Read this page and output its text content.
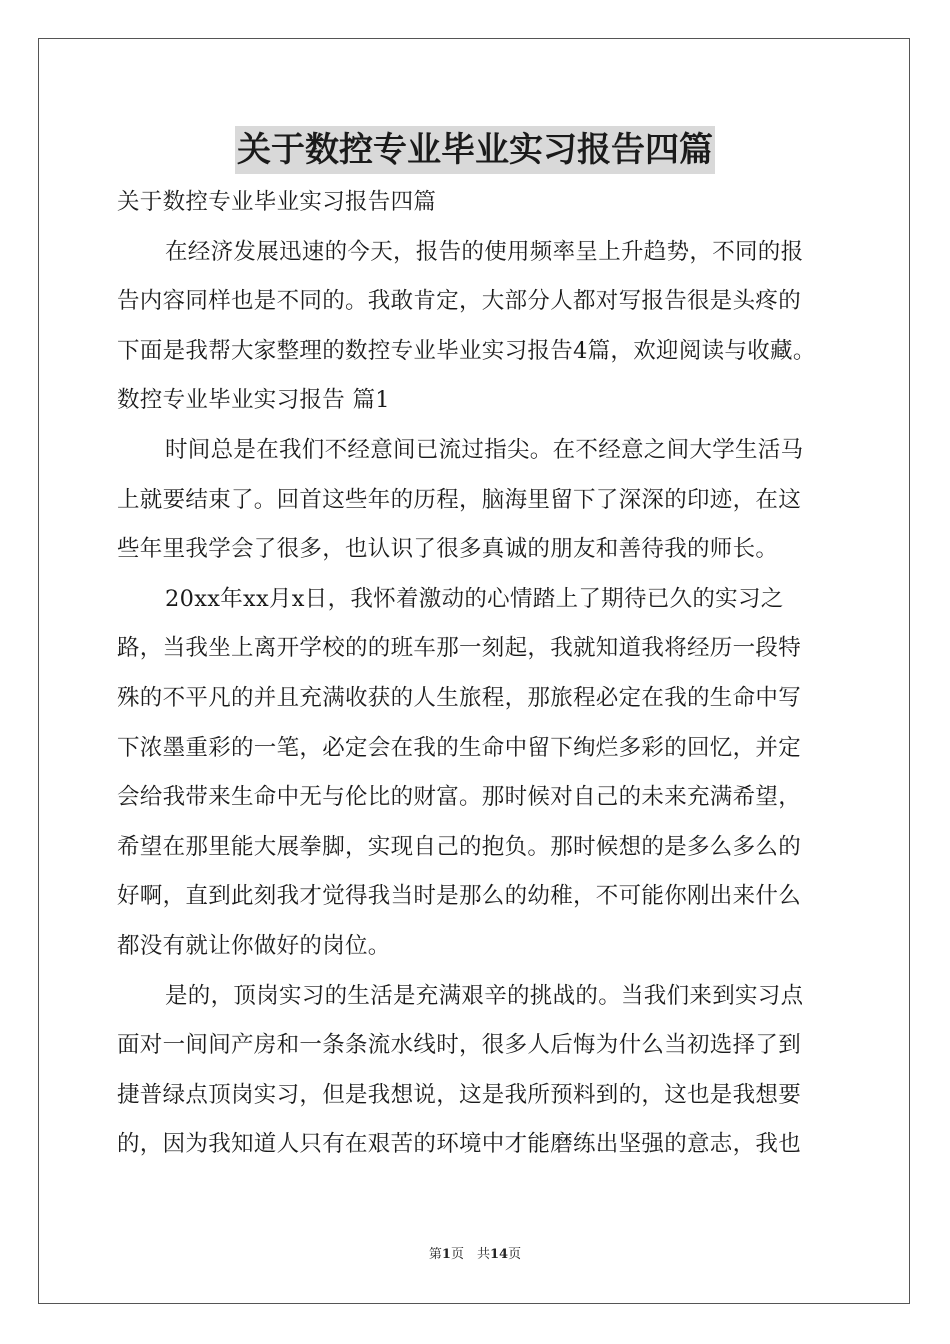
关于数控专业毕业实习报告四篇
关于数控专业毕业实习报告四篇
在经济发展迅速的今天，报告的使用频率呈上升趋势，不同的报
告内容同样也是不同的。我敢肯定，大部分人都对写报告很是头疼的
下面是我帮大家整理的数控专业毕业实习报告4篇，欢迎阅读与收藏。
数控专业毕业实习报告 篇1
时间总是在我们不经意间已流过指尖。在不经意之间大学生活马
上就要结束了。回首这些年的历程，脑海里留下了深深的印迹，在这
些年里我学会了很多，也认识了很多真诚的朋友和善待我的师长。
20xx年xx月x日，我怀着激动的心情踏上了期待已久的实习之
路，当我坐上离开学校的的班车那一刻起，我就知道我将经历一段特
殊的不平凡的并且充满收获的人生旅程，那旅程必定在我的生命中写
下浓墨重彩的一笔，必定会在我的生命中留下绚烂多彩的回忆，并定
会给我带来生命中无与伦比的财富。那时候对自己的未来充满希望，
希望在那里能大展拳脚，实现自己的抱负。那时候想的是多么多么的
好啊，直到此刻我才觉得我当时是那么的幼稚，不可能你刚出来什么
都没有就让你做好的岗位。
是的，顶岗实习的生活是充满艰辛的挑战的。当我们来到实习点
面对一间间产房和一条条流水线时，很多人后悔为什么当初选择了到
捷普绿点顶岗实习，但是我想说，这是我所预料到的，这也是我想要
的，因为我知道人只有在艰苦的环境中才能磨练出坚强的意志，我也
第1页　共14页
